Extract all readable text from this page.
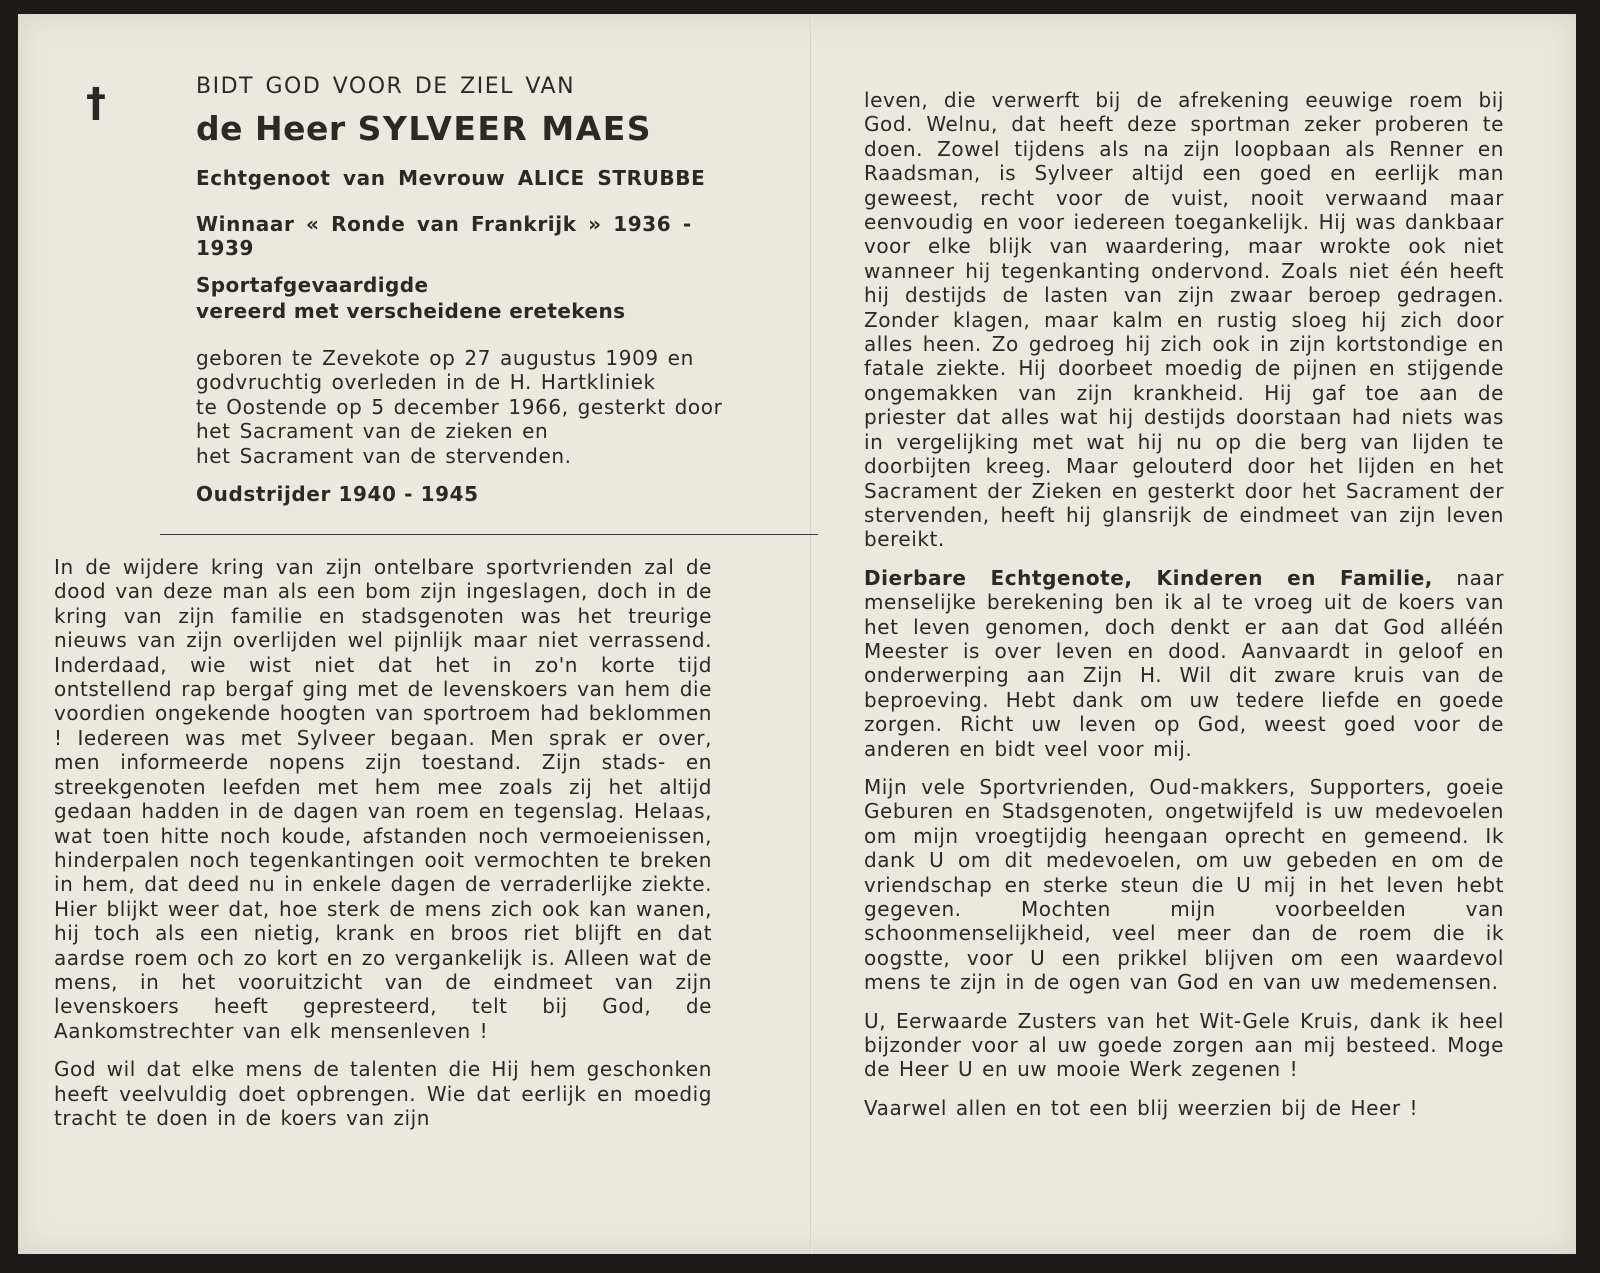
†	BIDT GOD VOOR DE ZIEL VAN
de Heer SYLVEER MAES
Echtgenoot van Mevrouw ALICE STRUBBE
Winnaar « Ronde van Frankrijk » 1936 - 1939
Sportafgevaardigde
vereerd met verscheidene eretekens

geboren te Zevekote op 27 augustus 1909 en

godvruchtig overleden in de H. Hartkliniek

te Oostende op 5 december 1966, gesterkt door

het Sacrament van de zieken en

het Sacrament van de stervenden.

Oudstrijder 1940 - 1945

In de wijdere kring van zijn ontelbare sportvrienden zal de dood van deze man als een bom zijn ingeslagen, doch in de kring van zijn familie en stadsgenoten was het treurige nieuws van zijn overlijden wel pijnlijk maar niet verrassend. Inderdaad, wie wist niet dat het in zo'n korte tijd ontstellend rap bergaf ging met de levenskoers van hem die voordien ongekende hoogten van sportroem had beklommen ! Iedereen was met Sylveer begaan. Men sprak er over, men informeerde nopens zijn toestand. Zijn stads- en streekgenoten leefden met hem mee zoals zij het altijd gedaan hadden in de dagen van roem en tegenslag. Helaas, wat toen hitte noch koude, afstanden noch vermoeienissen, hinderpalen noch tegenkantingen ooit vermochten te breken in hem, dat deed nu in enkele dagen de verraderlijke ziekte. Hier blijkt weer dat, hoe sterk de mens zich ook kan wanen, hij toch als een nietig, krank en broos riet blijft en dat aardse roem och zo kort en zo vergankelijk is. Alleen wat de mens, in het vooruitzicht van de eindmeet van zijn levenskoers heeft gepresteerd, telt bij God, de Aankomstrechter van elk mensenleven !

God wil dat elke mens de talenten die Hij hem geschonken heeft veelvuldig doet opbrengen. Wie dat eerlijk en moedig tracht te doen in de koers van zijn

leven, die verwerft bij de afrekening eeuwige roem bij God. Welnu, dat heeft deze sportman zeker proberen te doen. Zowel tijdens als na zijn loopbaan als Renner en Raadsman, is Sylveer altijd een goed en eerlijk man geweest, recht voor de vuist, nooit verwaand maar eenvoudig en voor iedereen toegankelijk. Hij was dankbaar voor elke blijk van waardering, maar wrokte ook niet wanneer hij tegenkanting ondervond. Zoals niet één heeft hij destijds de lasten van zijn zwaar beroep gedragen. Zonder klagen, maar kalm en rustig sloeg hij zich door alles heen. Zo gedroeg hij zich ook in zijn kortstondige en fatale ziekte. Hij doorbeet moedig de pijnen en stijgende ongemakken van zijn krankheid. Hij gaf toe aan de priester dat alles wat hij destijds doorstaan had niets was in vergelijking met wat hij nu op die berg van lijden te doorbijten kreeg. Maar gelouterd door het lijden en het Sacrament der Zieken en gesterkt door het Sacrament der stervenden, heeft hij glansrijk de eindmeet van zijn leven bereikt.

Dierbare Echtgenote, Kinderen en Familie, naar menselijke berekening ben ik al te vroeg uit de koers van het leven genomen, doch denkt er aan dat God alléén Meester is over leven en dood. Aanvaardt in geloof en onderwerping aan Zijn H. Wil dit zware kruis van de beproeving. Hebt dank om uw tedere liefde en goede zorgen. Richt uw leven op God, weest goed voor de anderen en bidt veel voor mij.

Mijn vele Sportvrienden, Oud-makkers, Supporters, goeie Geburen en Stadsgenoten, ongetwijfeld is uw medevoelen om mijn vroegtijdig heengaan oprecht en gemeend. Ik dank U om dit medevoelen, om uw gebeden en om de vriendschap en sterke steun die U mij in het leven hebt gegeven. Mochten mijn voorbeelden van schoonmenselijkheid, veel meer dan de roem die ik oogstte, voor U een prikkel blijven om een waardevol mens te zijn in de ogen van God en van uw medemensen.

U, Eerwaarde Zusters van het Wit-Gele Kruis, dank ik heel bijzonder voor al uw goede zorgen aan mij besteed. Moge de Heer U en uw mooie Werk zegenen !

Vaarwel allen en tot een blij weerzien bij de Heer !
